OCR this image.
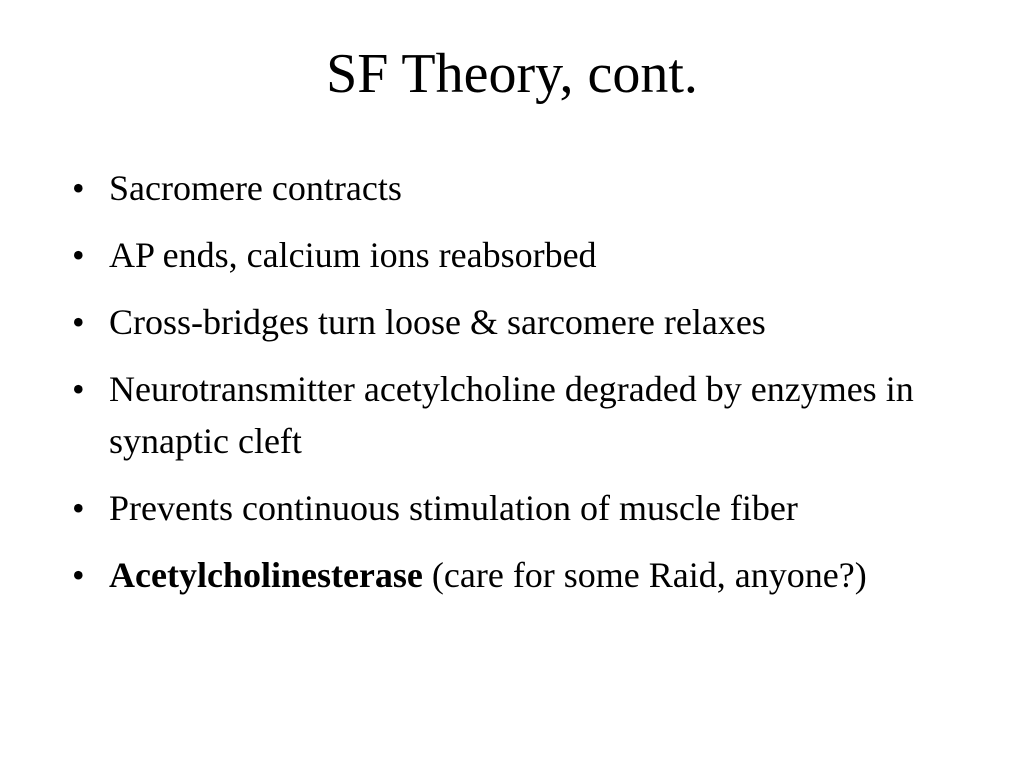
SF Theory, cont.
• Sacromere contracts
• AP ends, calcium ions reabsorbed
• Cross-bridges turn loose & sarcomere relaxes
• Neurotransmitter acetylcholine degraded by enzymes in synaptic cleft
• Prevents continuous stimulation of muscle fiber
• Acetylcholinesterase (care for some Raid, anyone?)
